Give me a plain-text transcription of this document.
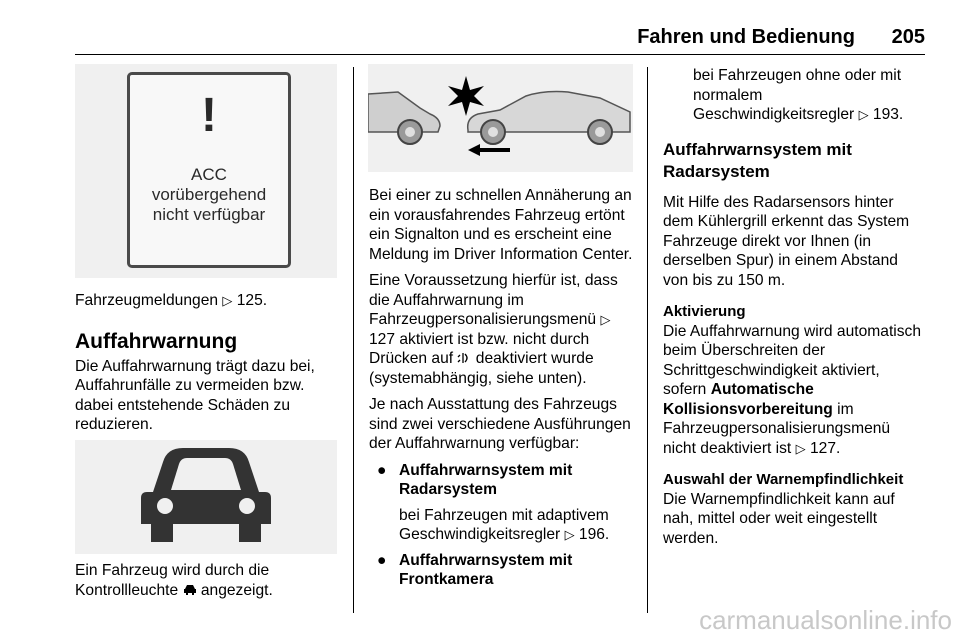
Fahren und Bedienung 205
!
ACC
vorübergehend
nicht verfügbar

Fahrzeugmeldungen ▷ 125.

Auffahrwarnung

Die Auffahrwarnung trägt dazu bei, Auffahrunfälle zu vermeiden bzw. dabei entstehende Schäden zu reduzieren.

Ein Fahrzeug wird durch die Kontrollleuchte angezeigt.

Bei einer zu schnellen Annäherung an ein vorausfahrendes Fahrzeug ertönt ein Signalton und es erscheint eine Meldung im Driver Information Center.

Eine Voraussetzung hierfür ist, dass die Auffahrwarnung im Fahrzeugpersonalisierungsmenü ▷ 127 aktiviert ist bzw. nicht durch Drücken auf deaktiviert wurde (systemabhängig, siehe unten).

Je nach Ausstattung des Fahrzeugs sind zwei verschiedene Ausführungen der Auffahrwarnung verfügbar:

● Auffahrwarnsystem mit Radarsystem
bei Fahrzeugen mit adaptivem Geschwindigkeitsregler ▷ 196.
● Auffahrwarnsystem mit Frontkamera

bei Fahrzeugen ohne oder mit normalem Geschwindigkeitsregler ▷ 193.

Auffahrwarnsystem mit Radarsystem

Mit Hilfe des Radarsensors hinter dem Kühlergrill erkennt das System Fahrzeuge direkt vor Ihnen (in derselben Spur) in einem Abstand von bis zu 150 m.

Aktivierung

Die Auffahrwarnung wird automatisch beim Überschreiten der Schrittgeschwindigkeit aktiviert, sofern Automatische Kollisionsvorbereitung im Fahrzeugpersonalisierungsmenü nicht deaktiviert ist ▷ 127.

Auswahl der Warnempfindlichkeit

Die Warnempfindlichkeit kann auf nah, mittel oder weit eingestellt werden.

carmanualsonline.info
